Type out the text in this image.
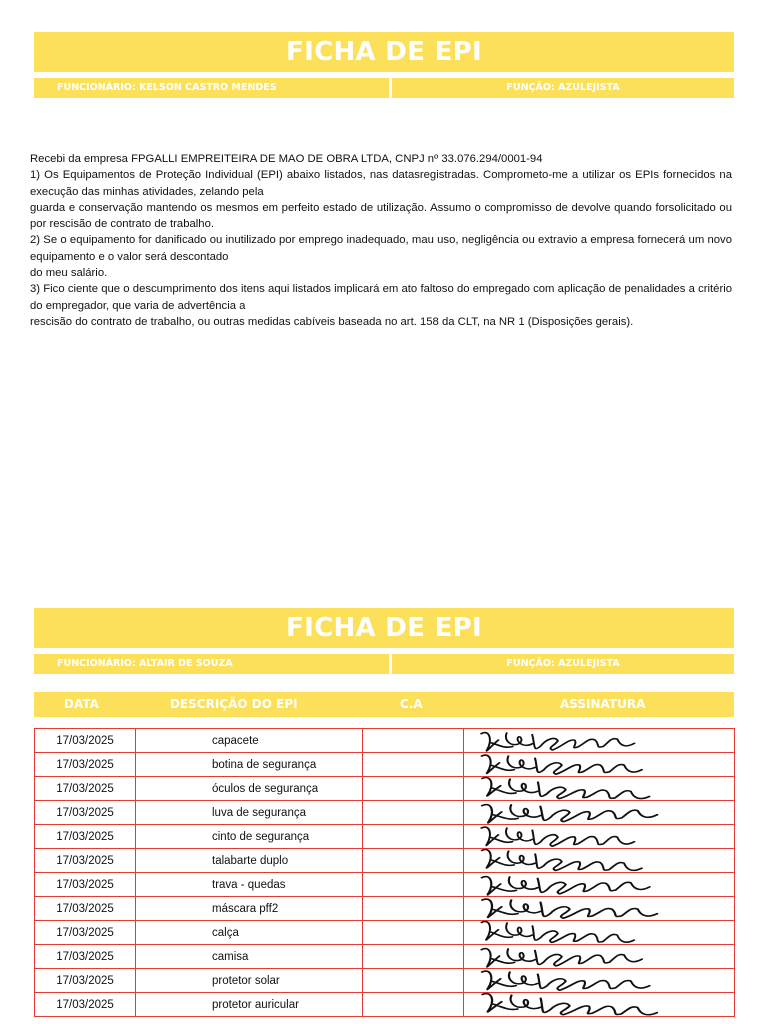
FICHA DE EPI
FUNCIONÁRIO: KELSON CASTRO MENDES	FUNÇÃO: AZULEJISTA

Recebi da empresa FPGALLI EMPREITEIRA DE MAO DE OBRA LTDA, CNPJ nº 33.076.294/0001-94

1) Os Equipamentos de Proteção Individual (EPI) abaixo listados, nas datasregistradas. Comprometo-me a utilizar os EPIs fornecidos na execução das minhas atividades, zelando pela

guarda e conservação mantendo os mesmos em perfeito estado de utilização. Assumo o compromisso de devolve quando forsolicitado ou por rescisão de contrato de trabalho.

2) Se o equipamento for danificado ou inutilizado por emprego inadequado, mau uso, negligência ou extravio a empresa fornecerá um novo equipamento e o valor será descontado

do meu salário.

3) Fico ciente que o descumprimento dos itens aqui listados implicará em ato faltoso do empregado com aplicação de penalidades a critério do empregador, que varia de advertência a

rescisão do contrato de trabalho, ou outras medidas cabíveis baseada no art. 158 da CLT, na NR 1 (Disposições gerais).

FICHA DE EPI
FUNCIONÁRIO: ALTAIR DE SOUZA	FUNÇÃO: AZULEJISTA
DATA	DESCRIÇÃO DO EPI	C.A	ASSINATURA
17/03/2025	capacete		

17/03/2025	botina de segurança		

17/03/2025	óculos de segurança		

17/03/2025	luva de segurança		

17/03/2025	cinto de segurança		

17/03/2025	talabarte duplo		

17/03/2025	trava - quedas		

17/03/2025	máscara pff2		

17/03/2025	calça		

17/03/2025	camisa		

17/03/2025	protetor solar		

17/03/2025	protetor auricular		
